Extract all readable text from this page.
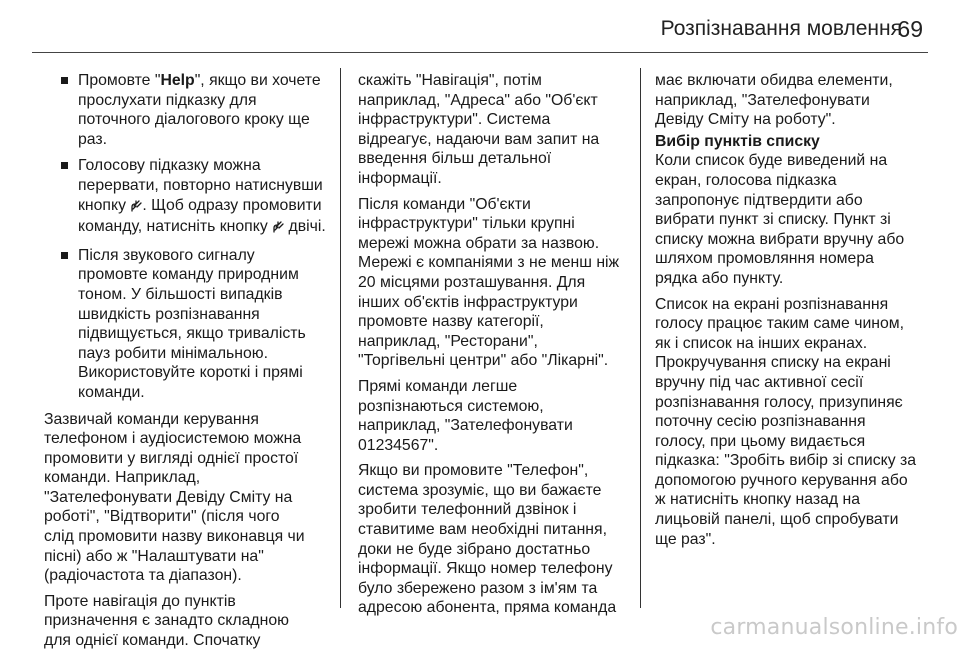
Розпізнавання мовлення
69
Промовте "Help", якщо ви хочете
прослухати підказку для
поточного діалогового кроку ще
раз.
Голосову підказку можна
перервати, повторно натиснувши
кнопку . Щоб одразу промовити
команду, натисніть кнопку  двічі.
Після звукового сигналу
промовте команду природним
тоном. У більшості випадків
швидкість розпізнавання
підвищується, якщо тривалість
пауз робити мінімальною.
Використовуйте короткі і прямі
команди.
Зазвичай команди керування
телефоном і аудіосистемою можна
промовити у вигляді однієї простої
команди. Наприклад,
"Зателефонувати Девіду Сміту на
роботі", "Відтворити" (після чого
слід промовити назву виконавця чи
пісні) або ж "Налаштувати на"
(радіочастота та діапазон).
Проте навігація до пунктів
призначення є занадто складною
для однієї команди. Спочатку
скажіть "Навігація", потім
наприклад, "Адреса" або "Об'єкт
інфраструктури". Система
відреагує, надаючи вам запит на
введення більш детальної
інформації.
Після команди "Об'єкти
інфраструктури" тільки крупні
мережі можна обрати за назвою.
Мережі є компаніями з не менш ніж
20 місцями розташування. Для
інших об'єктів інфраструктури
промовте назву категорії,
наприклад, "Ресторани",
"Торгівельні центри" або "Лікарні".
Прямі команди легше
розпізнаються системою,
наприклад, "Зателефонувати
01234567".
Якщо ви промовите "Телефон",
система зрозуміє, що ви бажаєте
зробити телефонний дзвінок і
ставитиме вам необхідні питання,
доки не буде зібрано достатньо
інформації. Якщо номер телефону
було збережено разом з ім'ям та
адресою абонента, пряма команда
має включати обидва елементи,
наприклад, "Зателефонувати
Девіду Сміту на роботу".
Вибір пунктів списку
Коли список буде виведений на
екран, голосова підказка
запропонує підтвердити або
вибрати пункт зі списку. Пункт зі
списку можна вибрати вручну або
шляхом промовляння номера
рядка або пункту.
Список на екрані розпізнавання
голосу працює таким саме чином,
як і список на інших екранах.
Прокручування списку на екрані
вручну під час активної сесії
розпізнавання голосу, призупиняє
поточну сесію розпізнавання
голосу, при цьому видається
підказка: "Зробіть вибір зі списку за
допомогою ручного керування або
ж натисніть кнопку назад на
лицьовій панелі, щоб спробувати
ще раз".
carmanualsonline.info
